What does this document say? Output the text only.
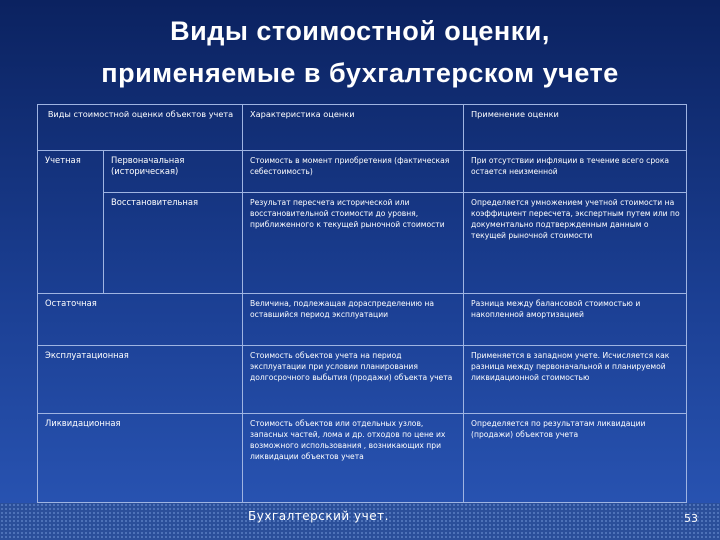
Виды стоимостной оценки,
применяемые в бухгалтерском учете
Виды стоимостной оценки объектов учета		Характеристика оценки	Применение оценки
Учетная	Первоначальная (историческая)	Стоимость в момент приобретения (фактическая себестоимость)	При отсутствии инфляции в течение всего срока остается неизменной
	Восстановительная	Результат пересчета исторической или восстановительной стоимости до уровня, приближенного к текущей рыночной стоимости	Определяется умножением учетной стоимости на коэффициент пересчета, экспертным путем или по документально подтвержденным данным о текущей рыночной стоимости
Остаточная		Величина, подлежащая дораспределению на оставшийся период эксплуатации	Разница между балансовой стоимостью и накопленной амортизацией
Эксплуатационная		Стоимость объектов учета на период эксплуатации при условии планирования долгосрочного выбытия (продажи) объекта учета	Применяется в западном учете. Исчисляется как разница между первоначальной и планируемой ликвидационной стоимостью
Ликвидационная		Стоимость объектов или отдельных узлов, запасных частей, лома и др. отходов по цене их возможного использования , возникающих при ликвидации объектов учета	Определяется по результатам ликвидации (продажи) объектов учета
Бухгалтерский учет.	53
